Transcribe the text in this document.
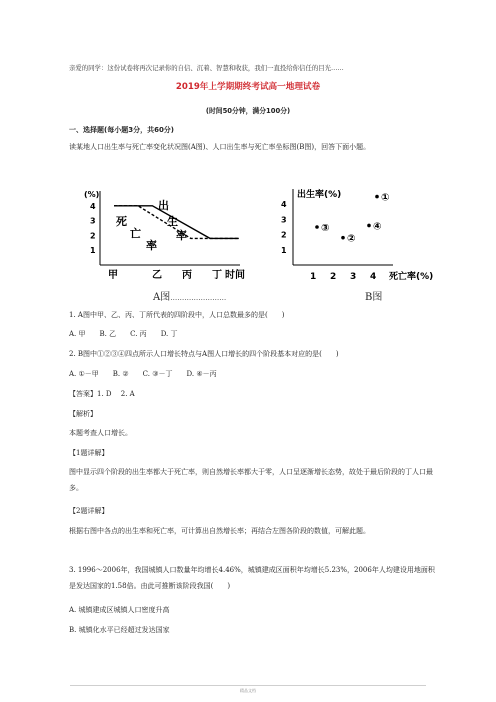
亲爱的同学：这份试卷将再次记录你的自信、沉着、智慧和收获，我们一直投给你信任的目光……
2019年上学期期终考试高一地理试卷
(时间50分钟，满分100分)
一、选择题(每小题3分，共60分)
读某地人口出生率与死亡率变化状况图(A图)、人口出生率与死亡率坐标图(B图)，回答下面小题。
(%)
4
3
2
1
甲	乙 丙 丁 时间
出
生
率
死
亡
率
A图……………………
出生率(%)
4
3
2
1
1 2 3 4
①
②
③	④
死亡率(%)
B图
1. A图中甲、乙、丙、丁所代表的四阶段中，人口总数最多的是(　　)
A. 甲 B. 乙 C. 丙 D. 丁
2. B图中①②③④四点所示人口增长特点与A图人口增长的四个阶段基本对应的是(　　)
A. ①－甲 B. ② C. ③－丁 D. ④－丙
【答案】1. D　 2. A
【解析】
本题考查人口增长。
【1题详解】
图中显示四个阶段的出生率都大于死亡率，则自然增长率都大于零，人口呈逐渐增长态势，故处于最后阶段的丁人口最多。
【2题详解】
根据右图中各点的出生率和死亡率，可计算出自然增长率；再结合左图各阶段的数值，可解此题。
3. 1996～2006年，我国城镇人口数量年均增长4.46%，城镇建成区面积年均增长5.23%，2006年人均建设用地面积是发达国家的1.58倍。由此可推断该阶段我国(　　)
A. 城镇建成区城镇人口密度升高
B. 城镇化水平已经超过发达国家
精品文档
